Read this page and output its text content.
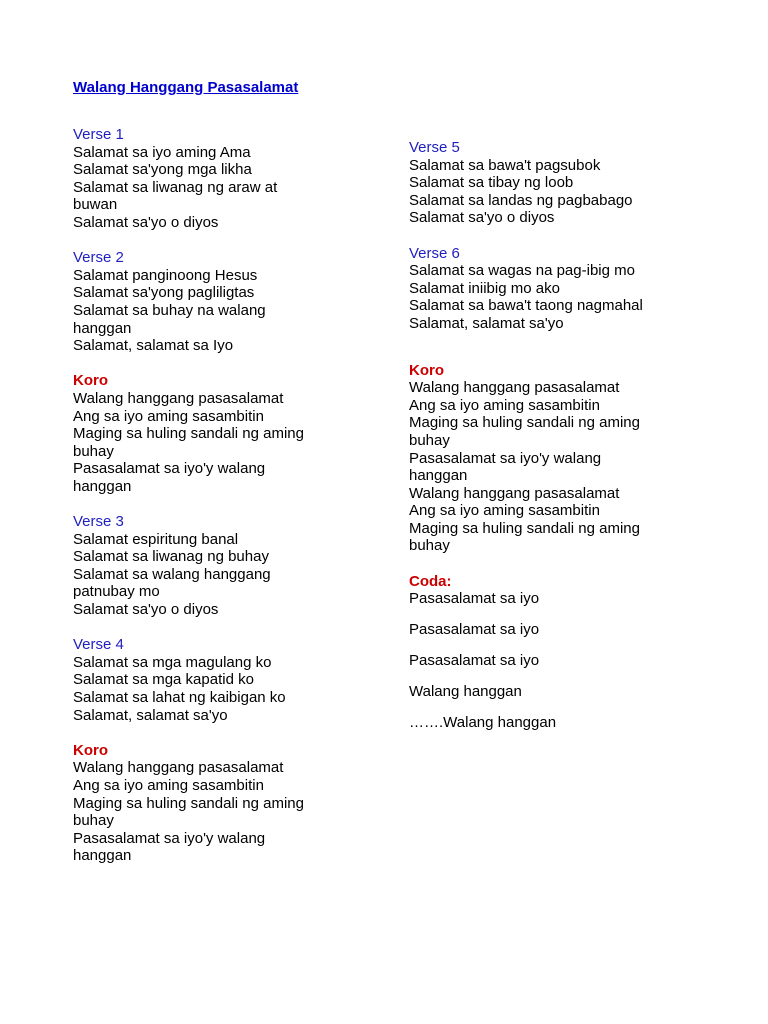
Walang Hanggang Pasasalamat
Verse 1
Salamat sa iyo aming Ama
Salamat sa'yong mga likha
Salamat sa liwanag ng araw at
buwan
Salamat sa'yo o diyos
Verse 2
Salamat panginoong Hesus
Salamat sa'yong pagliligtas
Salamat sa buhay na walang
hanggan
Salamat, salamat sa Iyo
Koro
Walang hanggang pasasalamat
Ang sa iyo aming sasambitin
Maging sa huling sandali ng aming
buhay
Pasasalamat sa iyo'y walang
hanggan
Verse 3
Salamat espiritung banal
Salamat sa liwanag ng buhay
Salamat sa walang hanggang
patnubay mo
Salamat sa'yo o diyos
Verse 4
Salamat sa mga magulang ko
Salamat sa mga kapatid ko
Salamat sa lahat ng kaibigan ko
Salamat, salamat sa'yo
Koro
Walang hanggang pasasalamat
Ang sa iyo aming sasambitin
Maging sa huling sandali ng aming
buhay
Pasasalamat sa iyo'y walang
hanggan
Verse 5
Salamat sa bawa't pagsubok
Salamat sa tibay ng loob
Salamat sa landas ng pagbabago
Salamat sa'yo o diyos
Verse 6
Salamat sa wagas na pag-ibig mo
Salamat iniibig mo ako
Salamat sa bawa't taong nagmahal
Salamat, salamat sa'yo
Koro
Walang hanggang pasasalamat
Ang sa iyo aming sasambitin
Maging sa huling sandali ng aming
buhay
Pasasalamat sa iyo'y walang
hanggan
Walang hanggang pasasalamat
Ang sa iyo aming sasambitin
Maging sa huling sandali ng aming
buhay
Coda:
Pasasalamat sa iyo
Pasasalamat sa iyo
Pasasalamat sa iyo
Walang hanggan
…….Walang hanggan
